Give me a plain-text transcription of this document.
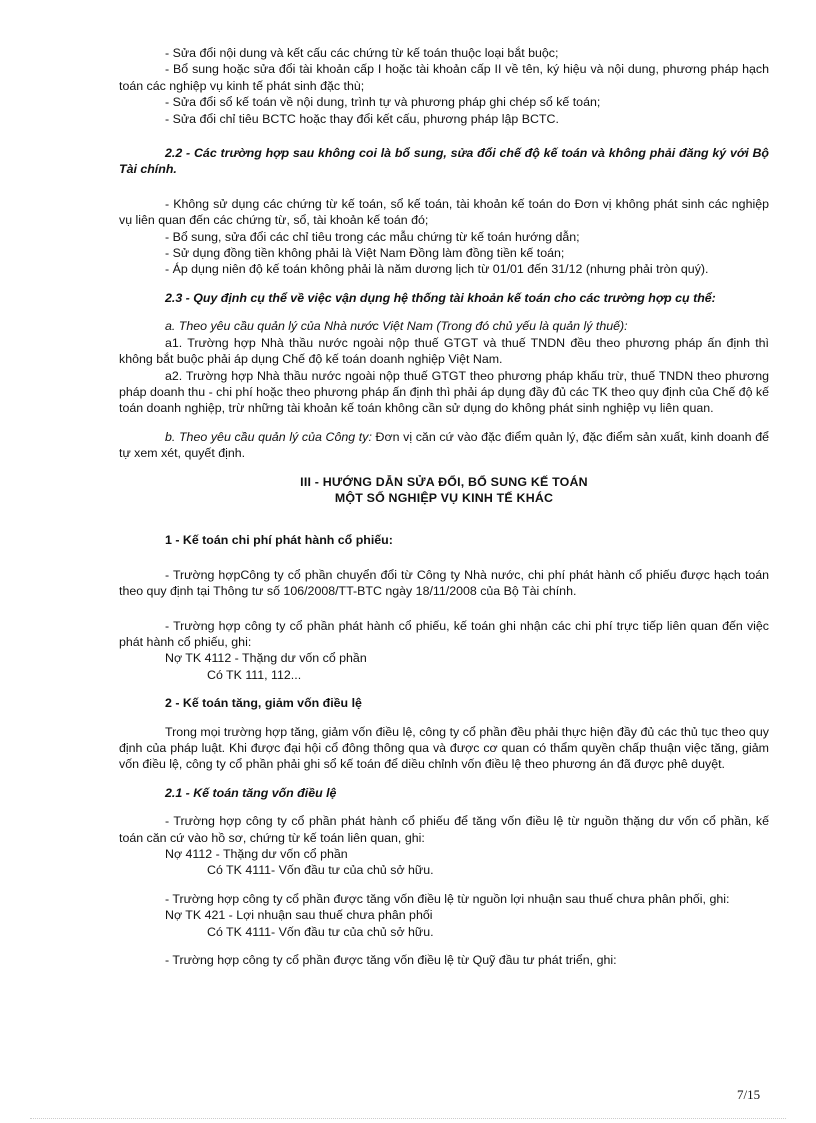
- Sửa đổi nội dung và kết cấu các chứng từ kế toán thuộc loại bắt buộc;

- Bổ sung hoặc sửa đổi tài khoản cấp I hoặc tài khoản cấp II về tên, ký hiệu và nội dung, phương pháp hạch toán các nghiệp vụ kinh tế phát sinh đặc thù;

- Sửa đổi sổ kế toán về nội dung, trình tự và phương pháp ghi chép sổ kế toán;

- Sửa đổi chỉ tiêu BCTC hoặc thay đổi kết cấu, phương pháp lập BCTC.

2.2 - Các trường hợp sau không coi là bổ sung, sửa đổi chế độ kế toán và không phải đăng ký với Bộ Tài chính.

- Không sử dụng các chứng từ kế toán, sổ kế toán, tài khoản kế toán do Đơn vị không phát sinh các nghiệp vụ liên quan đến các chứng từ, sổ, tài khoản kế toán đó;

- Bổ sung, sửa đổi các chỉ tiêu trong các mẫu chứng từ kế toán hướng dẫn;

- Sử dụng đồng tiền không phải là Việt Nam Đồng làm đồng tiền kế toán;

- Áp dụng niên độ kế toán không phải là năm dương lịch từ 01/01 đến 31/12 (nhưng phải tròn quý).

2.3 - Quy định cụ thể về việc vận dụng hệ thống tài khoản kế toán cho các trường hợp cụ thể:

a. Theo yêu cầu quản lý của Nhà nước Việt Nam (Trong đó chủ yếu là quản lý thuế):

a1. Trường hợp Nhà thầu nước ngoài nộp thuế GTGT và thuế TNDN đều theo phương pháp ấn định thì không bắt buộc phải áp dụng Chế độ kế toán doanh nghiệp Việt Nam.

a2. Trường hợp Nhà thầu nước ngoài nộp thuế GTGT theo phương pháp khấu trừ, thuế TNDN theo phương pháp doanh thu - chi phí hoặc theo phương pháp ấn định thì phải áp dụng đầy đủ các TK theo quy định của Chế độ kế toán doanh nghiệp, trừ những tài khoản kế toán không cần sử dụng do không phát sinh nghiệp vụ liên quan.

b. Theo yêu cầu quản lý của Công ty: Đơn vị căn cứ vào đặc điểm quản lý, đặc điểm sản xuất, kinh doanh để tự xem xét, quyết định.

III - HƯỚNG DẪN SỬA ĐỔI, BỔ SUNG KẾ TOÁN

MỘT SỐ NGHIỆP VỤ KINH TẾ KHÁC

1 - Kế toán chi phí phát hành cổ phiếu:

- Trường hợpCông ty cổ phần chuyển đổi từ Công ty Nhà nước, chi phí phát hành cổ phiếu được hạch toán theo quy định tại Thông tư số 106/2008/TT-BTC ngày 18/11/2008 của Bộ Tài chính.

- Trường hợp công ty cổ phần phát hành cổ phiếu, kế toán ghi nhận các chi phí trực tiếp liên quan đến việc phát hành cổ phiếu, ghi:

Nợ TK 4112 - Thặng dư vốn cổ phần

Có TK 111, 112...

2 - Kế toán tăng, giảm vốn điều lệ

Trong mọi trường hợp tăng, giảm vốn điều lệ, công ty cổ phần đều phải thực hiện đầy đủ các thủ tục theo quy định của pháp luật. Khi được đại hội cổ đông thông qua và được cơ quan có thẩm quyền chấp thuận việc tăng, giảm vốn điều lệ, công ty cổ phần phải ghi sổ kế toán để diều chỉnh vốn điều lệ theo phương án đã được phê duyệt.

2.1 - Kế toán tăng vốn điều lệ

- Trường hợp công ty cổ phần phát hành cổ phiếu để tăng vốn điều lệ từ nguồn thặng dư vốn cổ phần, kế toán căn cứ vào hồ sơ, chứng từ kế toán liên quan, ghi:

Nợ 4112 - Thặng dư vốn cổ phần

Có TK 4111- Vốn đầu tư của chủ sở hữu.

- Trường hợp công ty cổ phần được tăng vốn điều lệ từ nguồn lợi nhuận sau thuế chưa phân phối, ghi:

Nợ TK 421 - Lợi nhuận sau thuế chưa phân phối

Có TK 4111- Vốn đầu tư của chủ sở hữu.

- Trường hợp công ty cổ phần được tăng vốn điều lệ từ Quỹ đầu tư phát triển, ghi:

7/15
